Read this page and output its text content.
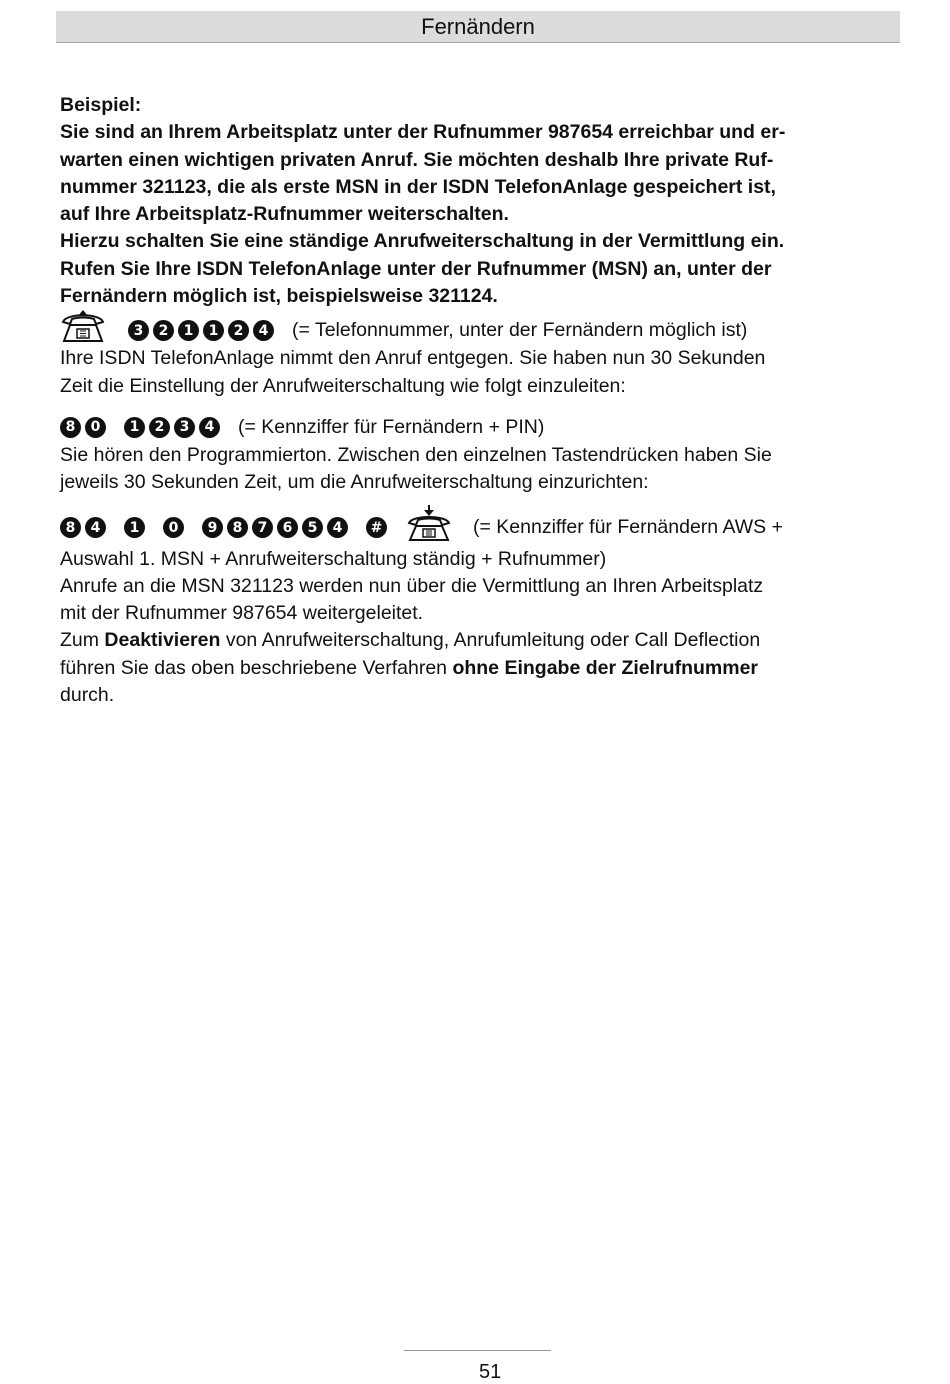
Fernändern
Beispiel:
Sie sind an Ihrem Arbeitsplatz unter der Rufnummer 987654 erreichbar und er-
warten einen wichtigen privaten Anruf. Sie möchten deshalb Ihre private Ruf-
nummer 321123, die als erste MSN in der ISDN TelefonAnlage gespeichert ist,
auf Ihre Arbeitsplatz-Rufnummer weiterschalten.
Hierzu schalten Sie eine ständige Anrufweiterschaltung in der Vermittlung ein.
Rufen Sie Ihre ISDN TelefonAnlage unter der Rufnummer (MSN) an, unter der
Fernändern möglich ist, beispielsweise 321124.
3	2	1	1	2	4 (= Telefonnummer, unter der Fernändern möglich ist)
Ihre ISDN TelefonAnlage nimmt den Anruf entgegen. Sie haben nun 30 Sekunden
Zeit die Einstellung der Anrufweiterschaltung wie folgt einzuleiten:
8	0	1	2	3	4 (= Kennziffer für Fernändern + PIN)
Sie hören den Programmierton. Zwischen den einzelnen Tastendrücken haben Sie
jeweils 30 Sekunden Zeit, um die Anrufweiterschaltung einzurichten:
8	4	1	0	9	8	7	6	5	4	#	(= Kennziffer für Fernändern AWS +
Auswahl 1. MSN + Anrufweiterschaltung ständig + Rufnummer)
Anrufe an die MSN 321123 werden nun über die Vermittlung an Ihren Arbeitsplatz
mit der Rufnummer 987654 weitergeleitet.
Zum Deaktivieren von Anrufweiterschaltung, Anrufumleitung oder Call Deflection
führen Sie das oben beschriebene Verfahren ohne Eingabe der Zielrufnummer
durch.
51
